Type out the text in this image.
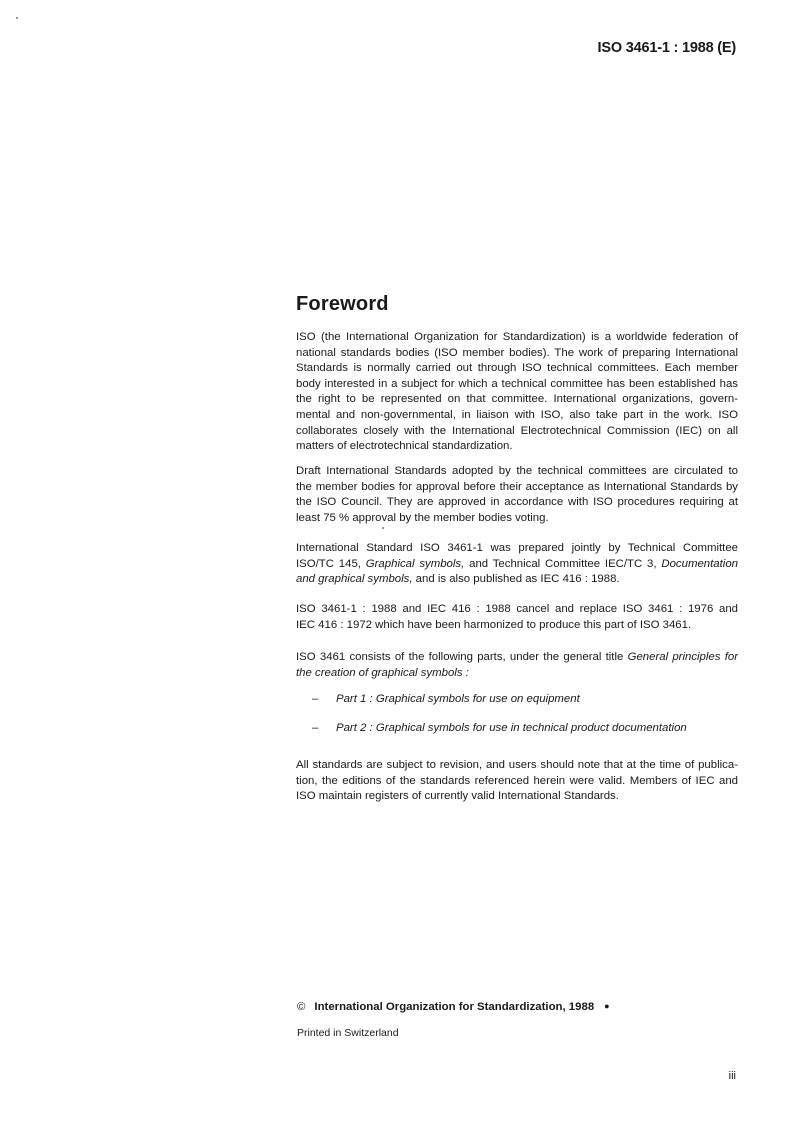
ISO 3461-1 : 1988 (E)
Foreword
ISO (the International Organization for Standardization) is a worldwide federation of
national standards bodies (ISO member bodies). The work of preparing International
Standards is normally carried out through ISO technical committees. Each member
body interested in a subject for which a technical committee has been established has
the right to be represented on that committee. International organizations, govern-
mental and non-governmental, in liaison with ISO, also take part in the work. ISO
collaborates closely with the International Electrotechnical Commission (IEC) on all
matters of electrotechnical standardization.
Draft International Standards adopted by the technical committees are circulated to
the member bodies for approval before their acceptance as International Standards by
the ISO Council. They are approved in accordance with ISO procedures requiring at
least 75 % approval by the member bodies voting.
International Standard ISO 3461-1 was prepared jointly by Technical Committee
ISO/TC 145, Graphical symbols, and Technical Committee IEC/TC 3, Documentation
and graphical symbols, and is also published as IEC 416 : 1988.
ISO 3461-1 : 1988 and IEC 416 : 1988 cancel and replace ISO 3461 : 1976 and
IEC 416 : 1972 which have been harmonized to produce this part of ISO 3461.
ISO 3461 consists of the following parts, under the general title General principles for
the creation of graphical symbols :
– Part 1 : Graphical symbols for use on equipment
– Part 2 : Graphical symbols for use in technical product documentation
All standards are subject to revision, and users should note that at the time of publica-
tion, the editions of the standards referenced herein were valid. Members of IEC and
ISO maintain registers of currently valid International Standards.
© International Organization for Standardization, 1988 ●
Printed in Switzerland
iii
